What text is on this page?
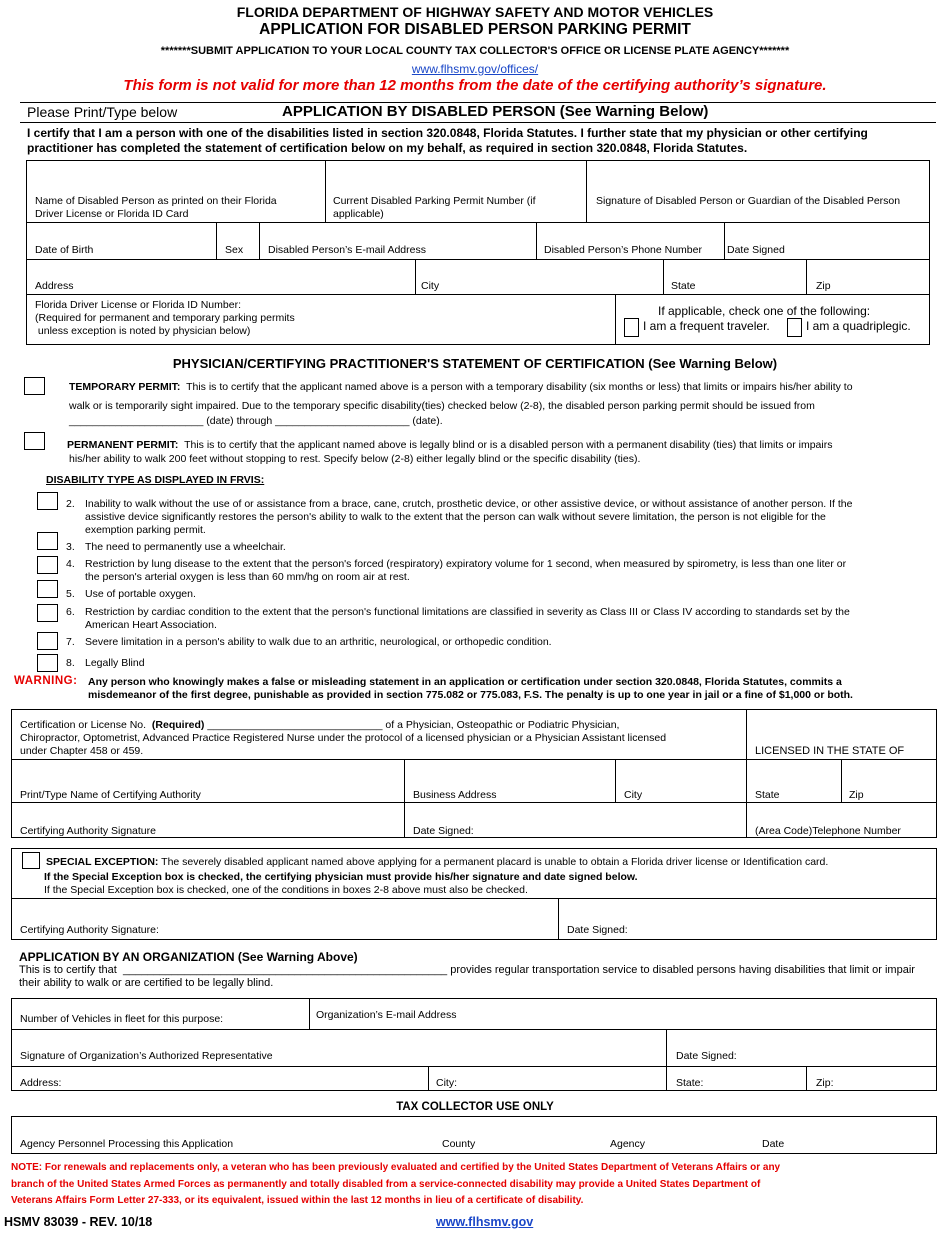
FLORIDA DEPARTMENT OF HIGHWAY SAFETY AND MOTOR VEHICLES
APPLICATION FOR DISABLED PERSON PARKING PERMIT
*******SUBMIT APPLICATION TO YOUR LOCAL COUNTY TAX COLLECTOR'S OFFICE OR LICENSE PLATE AGENCY*******
www.flhsmv.gov/offices/
This form is not valid for more than 12 months from the date of the certifying authority’s signature.
Please Print/Type below	APPLICATION BY DISABLED PERSON (See Warning Below)
I certify that I am a person with one of the disabilities listed in section 320.0848, Florida Statutes. I further state that my physician or other certifying practitioner has completed the statement of certification below on my behalf, as required in section 320.0848, Florida Statutes.
Name of Disabled Person as printed on their Florida Driver License or Florida ID Card
Current Disabled Parking Permit Number (if applicable)
Signature of Disabled Person or Guardian of the Disabled Person
Date of Birth	Sex Disabled Person’s E-mail Address	Disabled Person’s Phone Number Date Signed
Address	City	State	Zip
Florida Driver License or Florida ID Number:
(Required for permanent and temporary parking permits
unless exception is noted by physician below)
If applicable, check one of the following:
I am a frequent traveler.	I am a quadriplegic.
PHYSICIAN/CERTIFYING PRACTITIONER'S STATEMENT OF CERTIFICATION (See Warning Below)
TEMPORARY PERMIT: This is to certify that the applicant named above is a person with a temporary disability (six months or less) that limits or impairs his/her ability to
walk or is temporarily sight impaired. Due to the temporary specific disability(ties) checked below (2-8), the disabled person parking permit should be issued from
_______________________ (date) through _______________________ (date).
PERMANENT PERMIT: This is to certify that the applicant named above is legally blind or is a disabled person with a permanent disability (ties) that limits or impairs
his/her ability to walk 200 feet without stopping to rest. Specify below (2-8) either legally blind or the specific disability (ties).
DISABILITY TYPE AS DISPLAYED IN FRVIS:
2. Inability to walk without the use of or assistance from a brace, cane, crutch, prosthetic device, or other assistive device, or without assistance of another person. If the
assistive device significantly restores the person's ability to walk to the extent that the person can walk without severe limitation, the person is not eligible for the
exemption parking permit.
3. The need to permanently use a wheelchair.
4. Restriction by lung disease to the extent that the person's forced (respiratory) expiratory volume for 1 second, when measured by spirometry, is less than one liter or
the person's arterial oxygen is less than 60 mm/hg on room air at rest.
5. Use of portable oxygen.
6. Restriction by cardiac condition to the extent that the person's functional limitations are classified in severity as Class III or Class IV according to standards set by the
American Heart Association.
7. Severe limitation in a person's ability to walk due to an arthritic, neurological, or orthopedic condition.
8. Legally Blind
WARNING: Any person who knowingly makes a false or misleading statement in an application or certification under section 320.0848, Florida Statutes, commits a
misdemeanor of the first degree, punishable as provided in section 775.082 or 775.083, F.S. The penalty is up to one year in jail or a fine of $1,000 or both.
Certification or License No. (Required) ______________________________ of a Physician, Osteopathic or Podiatric Physician,
Chiropractor, Optometrist, Advanced Practice Registered Nurse under the protocol of a licensed physician or a Physician Assistant licensed
under Chapter 458 or 459.	LICENSED IN THE STATE OF
Print/Type Name of Certifying Authority	Business Address	City	State	Zip
Certifying Authority Signature	Date Signed:	(Area Code)Telephone Number
SPECIAL EXCEPTION: The severely disabled applicant named above applying for a permanent placard is unable to obtain a Florida driver license or Identification card.
If the Special Exception box is checked, the certifying physician must provide his/her signature and date signed below.
If the Special Exception box is checked, one of the conditions in boxes 2-8 above must also be checked.
Certifying Authority Signature:	Date Signed:
APPLICATION BY AN ORGANIZATION (See Warning Above)
This is to certify that _____________________________________________________ provides regular transportation service to disabled persons having disabilities that limit or impair
their ability to walk or are certified to be legally blind.
Number of Vehicles in fleet for this purpose:	Organization’s E-mail Address
Signature of Organization’s Authorized Representative	Date Signed:
Address:	City:	State:	Zip:
TAX COLLECTOR USE ONLY
Agency Personnel Processing this Application	County	Agency	Date
NOTE: For renewals and replacements only, a veteran who has been previously evaluated and certified by the United States Department of Veterans Affairs or any
branch of the United States Armed Forces as permanently and totally disabled from a service-connected disability may provide a United States Department of
Veterans Affairs Form Letter 27-333, or its equivalent, issued within the last 12 months in lieu of a certificate of disability.
HSMV 83039 - REV. 10/18	www.flhsmv.gov
